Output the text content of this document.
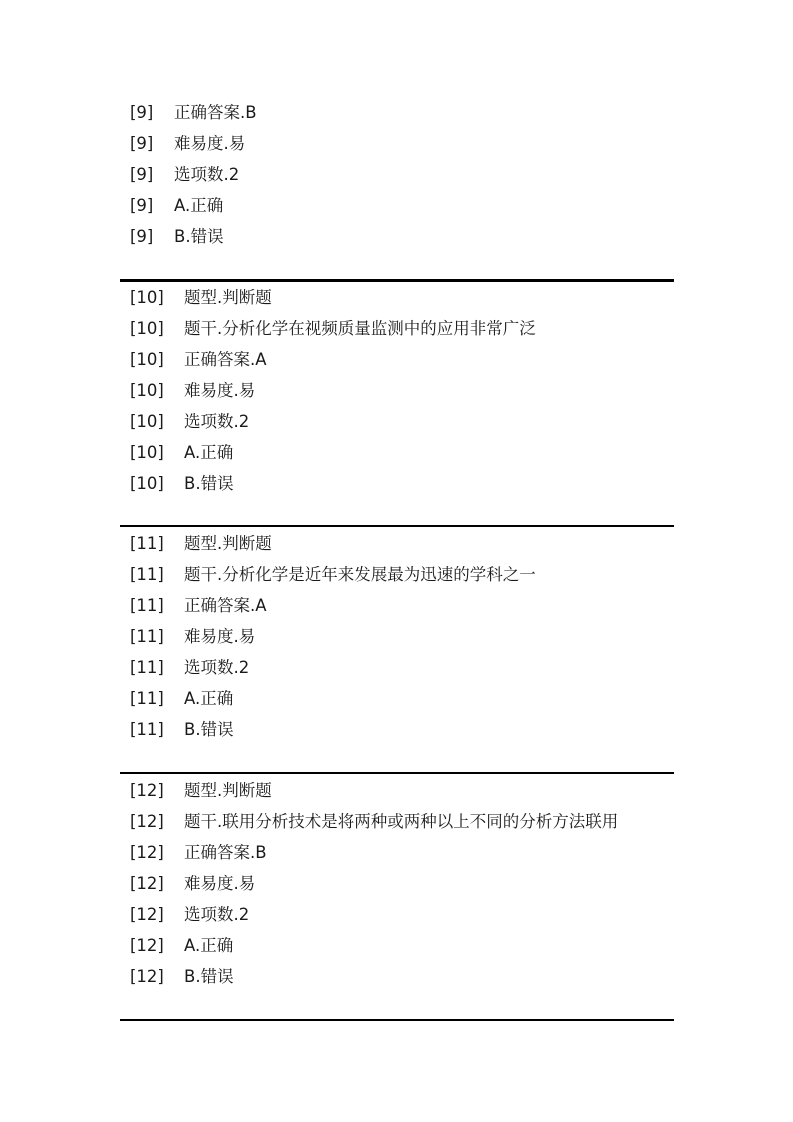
[9] 正确答案.B
[9] 难易度.易
[9] 选项数.2
[9] A.正确
[9] B.错误
[10] 题型.判断题
[10] 题干.分析化学在视频质量监测中的应用非常广泛
[10] 正确答案.A
[10] 难易度.易
[10] 选项数.2
[10] A.正确
[10] B.错误
[11] 题型.判断题
[11] 题干.分析化学是近年来发展最为迅速的学科之一
[11] 正确答案.A
[11] 难易度.易
[11] 选项数.2
[11] A.正确
[11] B.错误
[12] 题型.判断题
[12] 题干.联用分析技术是将两种或两种以上不同的分析方法联用
[12] 正确答案.B
[12] 难易度.易
[12] 选项数.2
[12] A.正确
[12] B.错误
